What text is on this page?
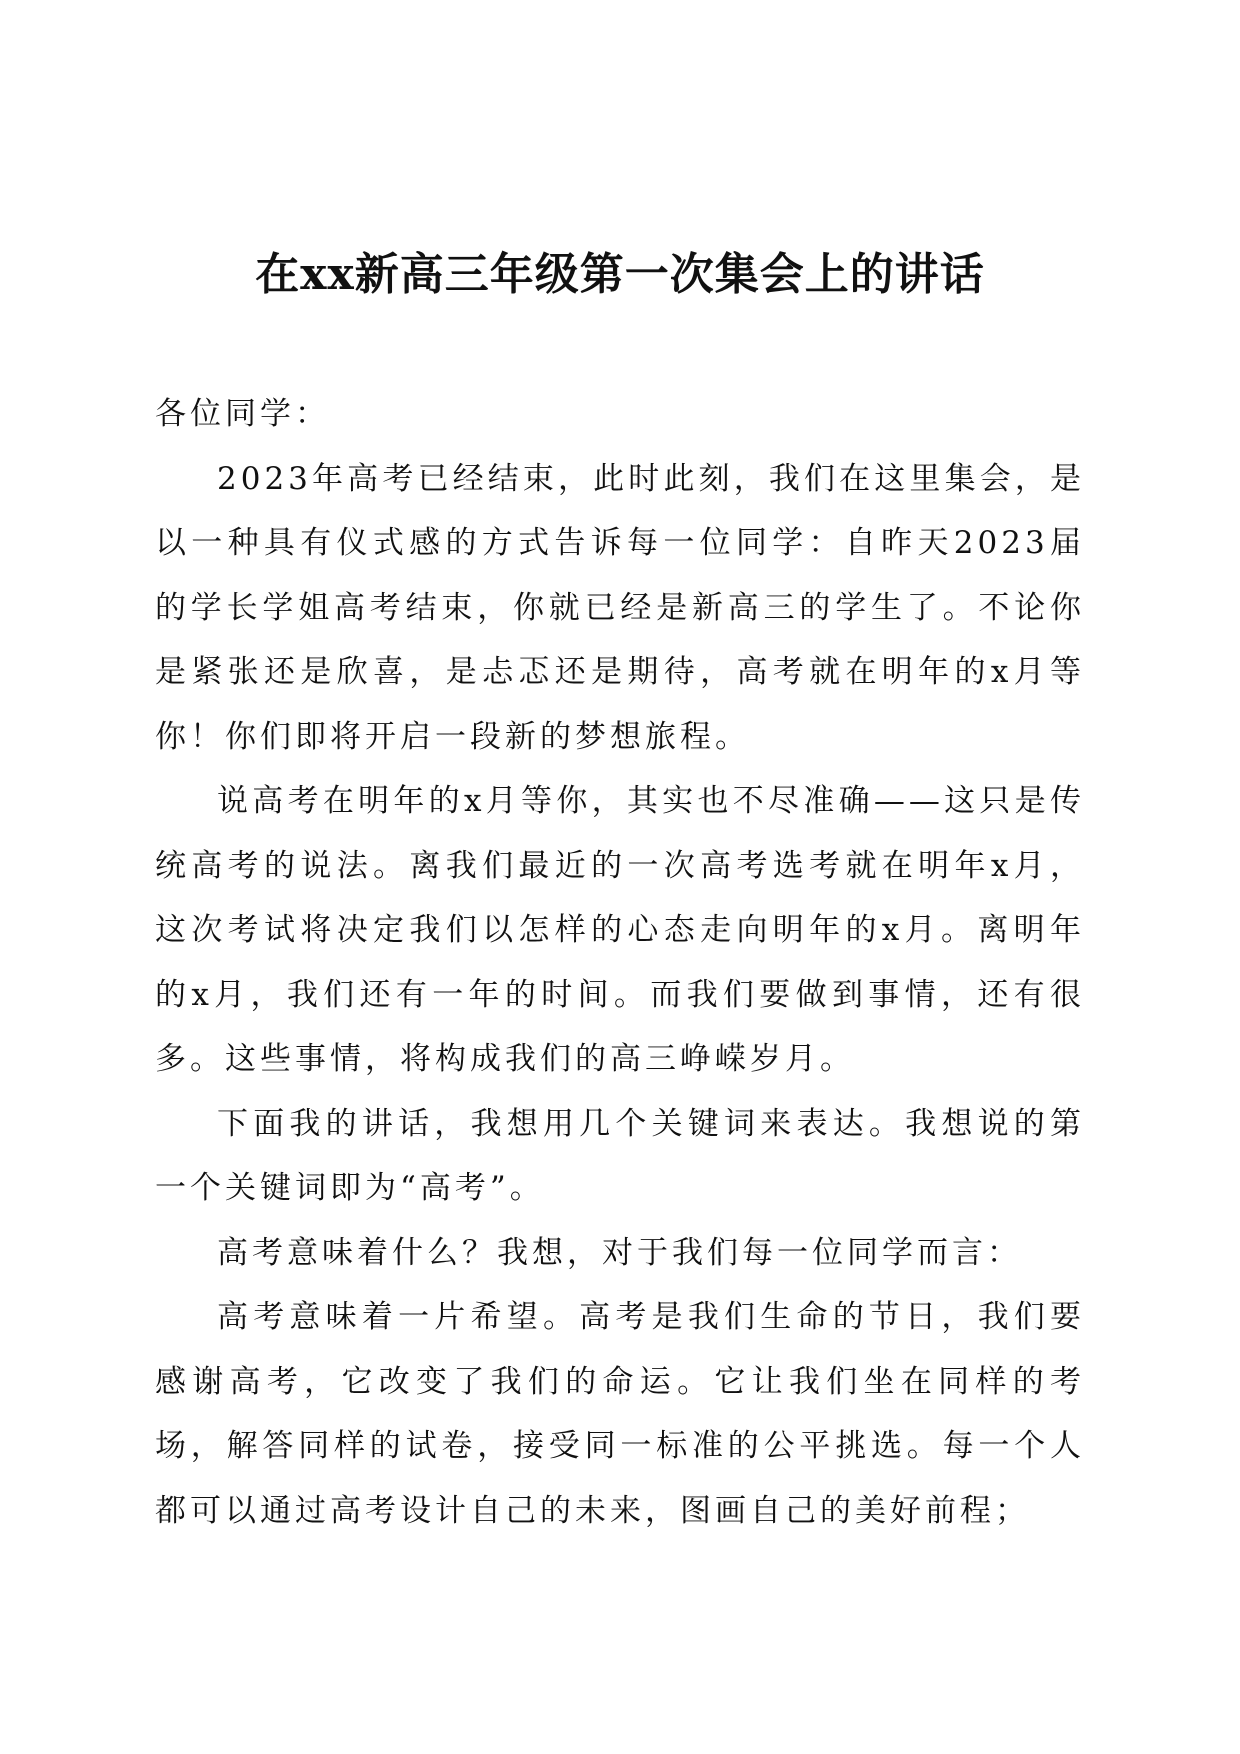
在xx新高三年级第一次集会上的讲话

各位同学：

2023年高考已经结束，此时此刻，我们在这里集会，是以一种具有仪式感的方式告诉每一位同学：自昨天2023届的学长学姐高考结束，你就已经是新高三的学生了。不论你是紧张还是欣喜，是忐忑还是期待，高考就在明年的x月等你！你们即将开启一段新的梦想旅程。

说高考在明年的x月等你，其实也不尽准确——这只是传统高考的说法。离我们最近的一次高考选考就在明年x月，这次考试将决定我们以怎样的心态走向明年的x月。离明年的x月，我们还有一年的时间。而我们要做到事情，还有很多。这些事情，将构成我们的高三峥嵘岁月。

下面我的讲话，我想用几个关键词来表达。我想说的第一个关键词即为“高考”。

高考意味着什么？我想，对于我们每一位同学而言：

高考意味着一片希望。高考是我们生命的节日，我们要感谢高考，它改变了我们的命运。它让我们坐在同样的考场，解答同样的试卷，接受同一标准的公平挑选。每一个人都可以通过高考设计自己的未来，图画自己的美好前程；
